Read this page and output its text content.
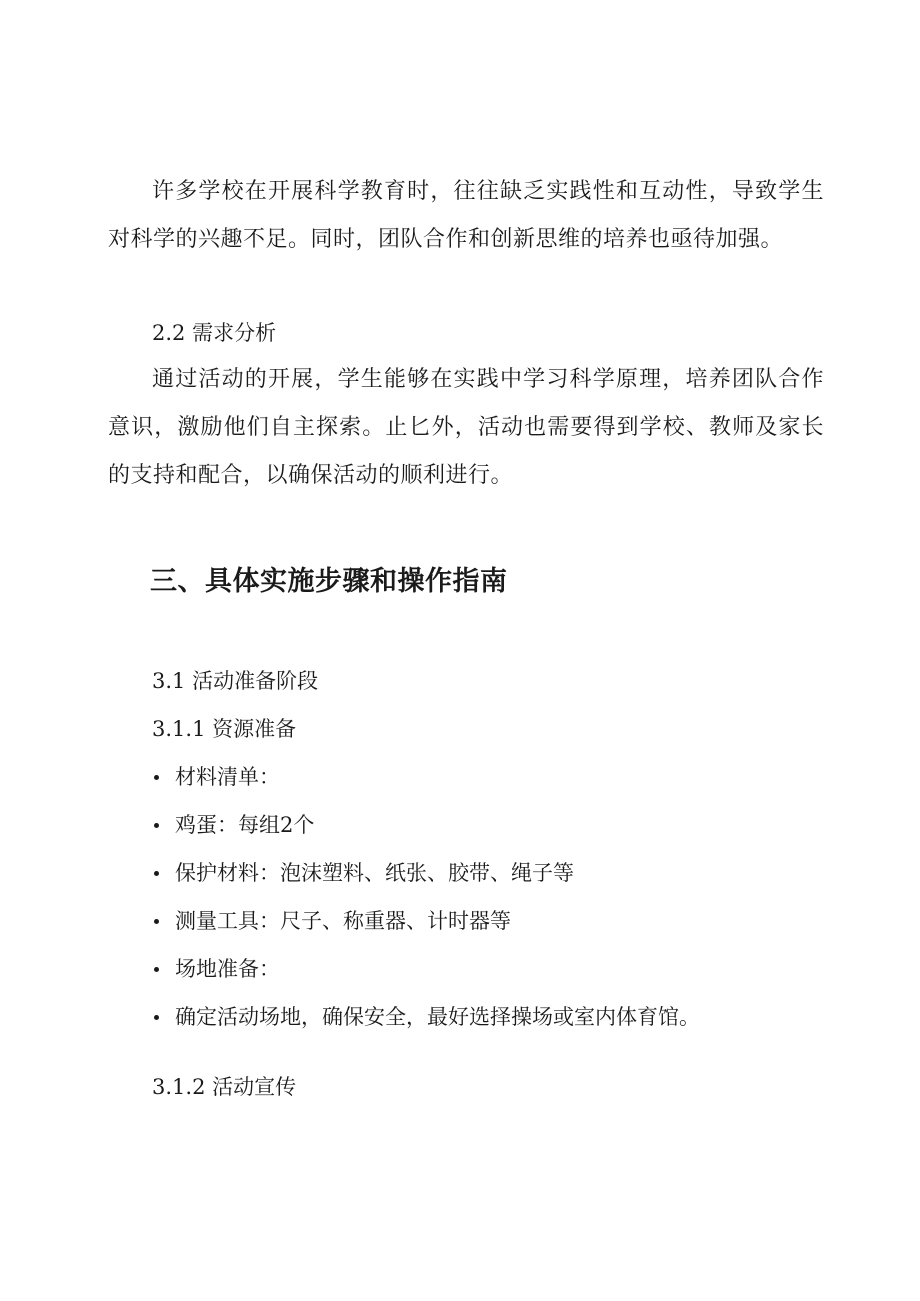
许多学校在开展科学教育时，往往缺乏实践性和互动性，导致学生对科学的兴趣不足。同时，团队合作和创新思维的培养也亟待加强。

2.2 需求分析

通过活动的开展，学生能够在实践中学习科学原理，培养团队合作意识，激励他们自主探索。止匕外，活动也需要得到学校、教师及家长的支持和配合，以确保活动的顺利进行。

三、具体实施步骤和操作指南

3.1 活动准备阶段

3.1.1 资源准备

材料清单：
鸡蛋：每组2个
保护材料：泡沫塑料、纸张、胶带、绳子等
测量工具：尺子、称重器、计时器等
场地准备：
确定活动场地，确保安全，最好选择操场或室内体育馆。

3.1.2 活动宣传
